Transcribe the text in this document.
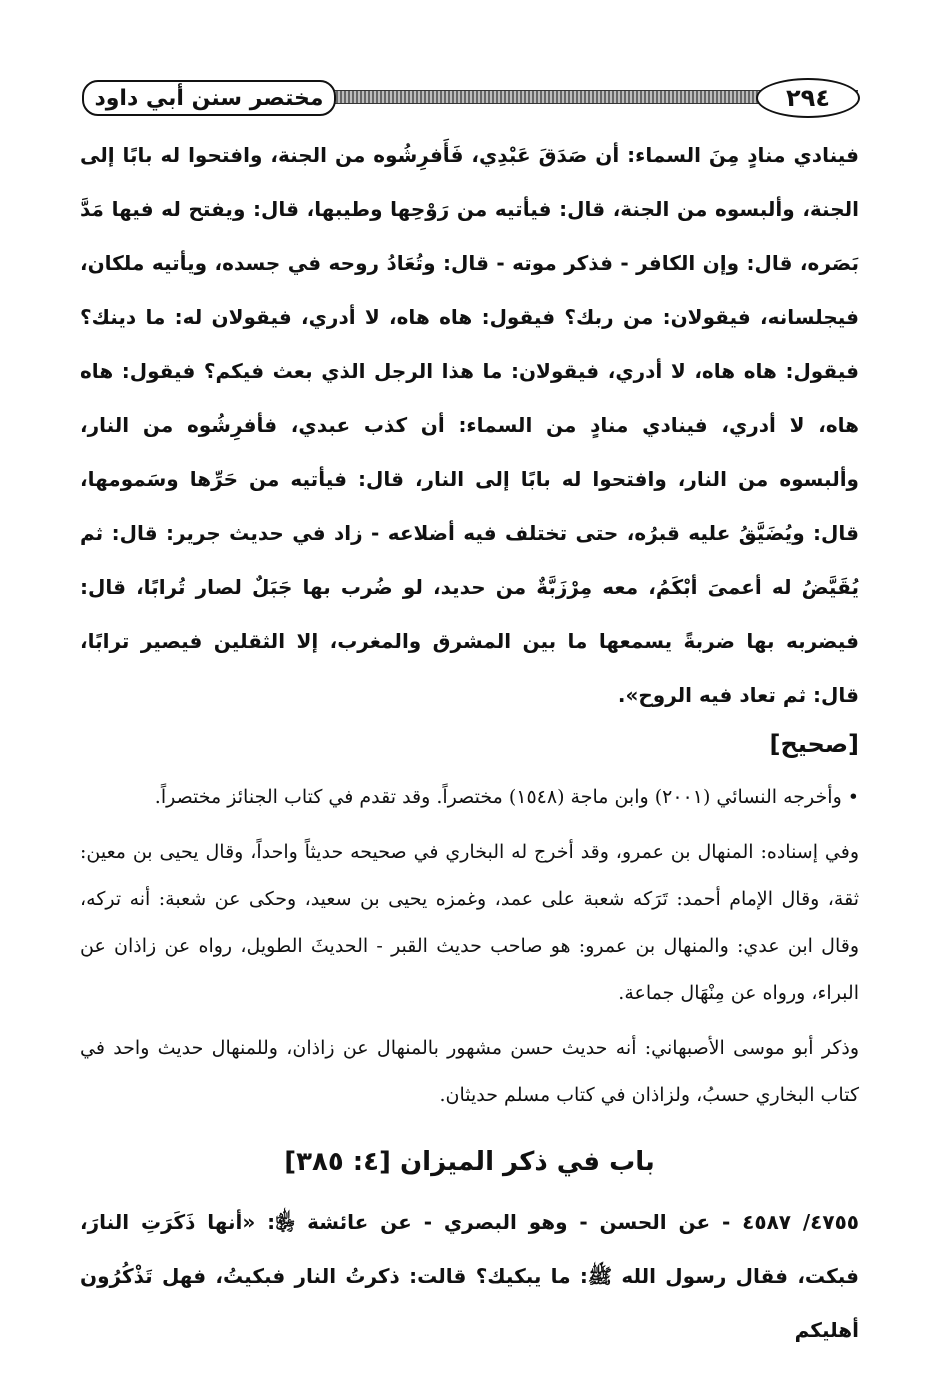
مختصر سنن أبي داود	٢٩٤

فينادي منادٍ مِنَ السماء: أن صَدَقَ عَبْدِي، فَأَفرِشُوه من الجنة، وافتحوا له بابًا إلى الجنة، وألبسوه من الجنة، قال: فيأتيه من رَوْحِها وطيبها، قال: ويفتح له فيها مَدَّ بَصَره، قال: وإن الكافر - فذكر موته - قال: وتُعَادُ روحه في جسده، ويأتيه ملكان، فيجلسانه، فيقولان: من ربك؟ فيقول: هاه هاه، لا أدري، فيقولان له: ما دينك؟ فيقول: هاه هاه، لا أدري، فيقولان: ما هذا الرجل الذي بعث فيكم؟ فيقول: هاه هاه، لا أدري، فينادي منادٍ من السماء: أن كذب عبدي، فأفرِشُوه من النار، وألبسوه من النار، وافتحوا له بابًا إلى النار، قال: فيأتيه من حَرِّها وسَمومها، قال: ويُضَيَّقُ عليه قبرُه، حتى تختلف فيه أضلاعه - زاد في حديث جرير: قال: ثم يُقَيَّضُ له أعمىَ أبْكَمُ، معه مِرْزَبَّةٌ من حديد، لو ضُرب بها جَبَلٌ لصار تُرابًا، قال: فيضربه بها ضربةً يسمعها ما بين المشرق والمغرب، إلا الثقلين فيصير ترابًا، قال: ثم تعاد فيه الروح».

[صحيح]

• وأخرجه النسائي (٢٠٠١) وابن ماجة (١٥٤٨) مختصراً. وقد تقدم في كتاب الجنائز مختصراً.

وفي إسناده: المنهال بن عمرو، وقد أخرج له البخاري في صحيحه حديثاً واحداً، وقال يحيى بن معين: ثقة، وقال الإمام أحمد: تَرَكه شعبة على عمد، وغمزه يحيى بن سعيد، وحكى عن شعبة: أنه تركه، وقال ابن عدي: والمنهال بن عمرو: هو صاحب حديث القبر - الحديثَ الطويل، رواه عن زاذان عن البراء، ورواه عن مِنْهَال جماعة.

وذكر أبو موسى الأصبهاني: أنه حديث حسن مشهور بالمنهال عن زاذان، وللمنهال حديث واحد في كتاب البخاري حسبُ، ولزاذان في كتاب مسلم حديثان.

باب في ذكر الميزان [٤: ٣٨٥]

٤٧٥٥/ ٤٥٨٧ - عن الحسن - وهو البصري - عن عائشة ﵂: «أنها ذَكَرَتِ النارَ، فبكت، فقال رسول الله ﷺ: ما يبكيك؟ قالت: ذكرتُ النار فبكيتُ، فهل تَذْكُرُون أهليكم
